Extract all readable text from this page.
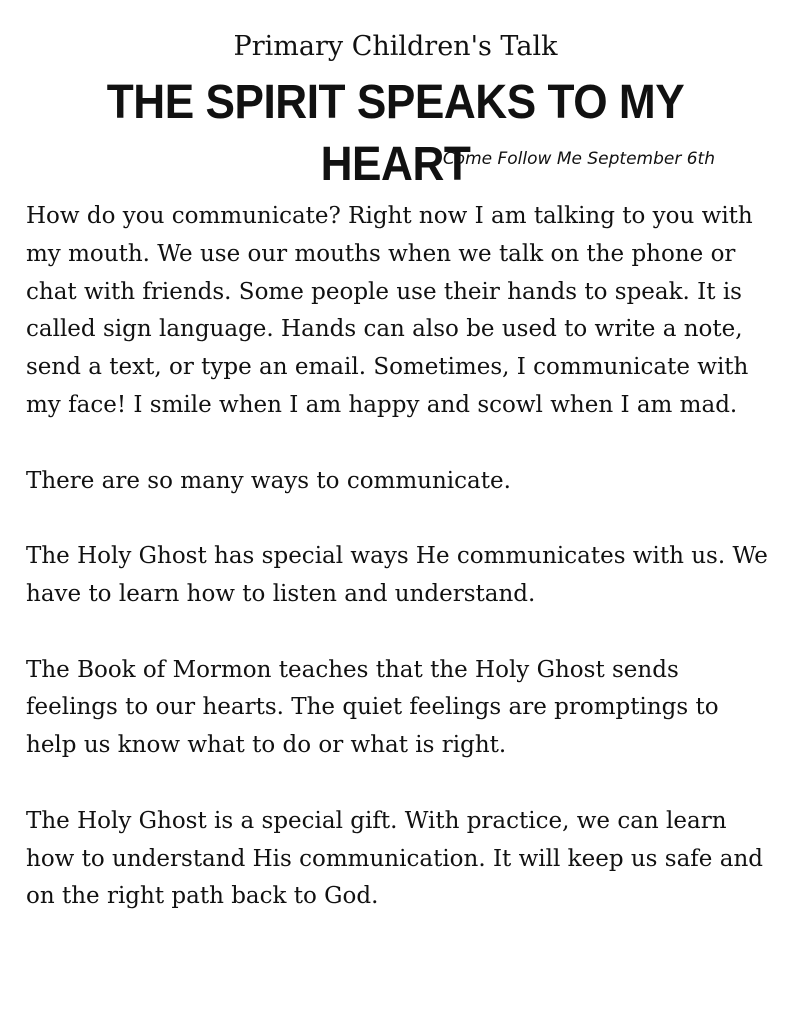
Primary Children's Talk
THE SPIRIT SPEAKS TO MY HEART
Come Follow Me September 6th

How do you communicate? Right now I am talking to you with my mouth. We use our mouths when we talk on the phone or chat with friends. Some people use their hands to speak. It is called sign language. Hands can also be used to write a note, send a text, or type an email. Sometimes, I communicate with my face! I smile when I am happy and scowl when I am mad.

There are so many ways to communicate.

The Holy Ghost has special ways He communicates with us. We have to learn how to listen and understand.

The Book of Mormon teaches that the Holy Ghost sends feelings to our hearts. The quiet feelings are promptings to help us know what to do or what is right.

The Holy Ghost is a special gift. With practice, we can learn how to understand His communication. It will keep us safe and on the right path back to God.
